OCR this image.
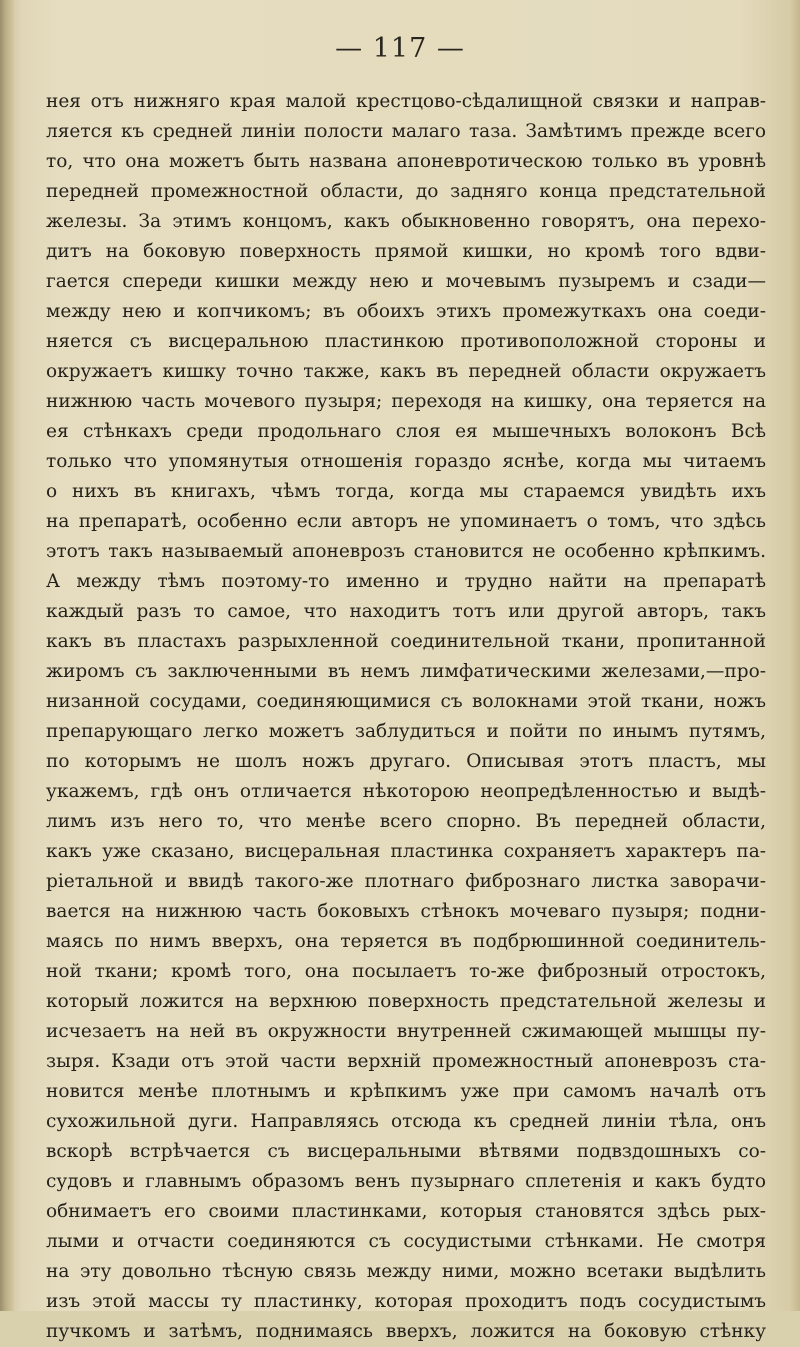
— 117 —
нея отъ нижняго края малой крестцово-сѣдалищной связки и направ-
ляется къ средней линіи полости малаго таза. Замѣтимъ прежде всего
то, что она можетъ быть названа апоневротическою только въ уровнѣ
передней промежностной области, до задняго конца предстательной
железы. За этимъ концомъ, какъ обыкновенно говорятъ, она перехо-
дитъ на боковую поверхность прямой кишки, но кромѣ того вдви-
гается спереди кишки между нею и мочевымъ пузыремъ и сзади—
между нею и копчикомъ; въ обоихъ этихъ промежуткахъ она соеди-
няется съ висцеральною пластинкою противоположной стороны и
окружаетъ кишку точно также, какъ въ передней области окружаетъ
нижнюю часть мочевого пузыря; переходя на кишку, она теряется на
ея стѣнкахъ среди продольнаго слоя ея мышечныхъ волоконъ Всѣ
только что упомянутыя отношенія гораздо яснѣе, когда мы читаемъ
о нихъ въ книгахъ, чѣмъ тогда, когда мы стараемся увидѣть ихъ
на препаратѣ, особенно если авторъ не упоминаетъ о томъ, что здѣсь
этотъ такъ называемый апоневрозъ становится не особенно крѣпкимъ.
А между тѣмъ поэтому-то именно и трудно найти на препаратѣ
каждый разъ то самое, что находитъ тотъ или другой авторъ, такъ
какъ въ пластахъ разрыхленной соединительной ткани, пропитанной
жиромъ съ заключенными въ немъ лимфатическими железами,—про-
низанной сосудами, соединяющимися съ волокнами этой ткани, ножъ
препарующаго легко можетъ заблудиться и пойти по инымъ путямъ,
по которымъ не шолъ ножъ другаго. Описывая этотъ пластъ, мы
укажемъ, гдѣ онъ отличается нѣкоторою неопредѣленностью и выдѣ-
лимъ изъ него то, что менѣе всего спорно. Въ передней области,
какъ уже сказано, висцеральная пластинка сохраняетъ характеръ па-
ріетальной и ввидѣ такого-же плотнаго фибрознаго листка заворачи-
вается на нижнюю часть боковыхъ стѣнокъ мочеваго пузыря; подни-
маясь по нимъ вверхъ, она теряется въ подбрюшинной соединитель-
ной ткани; кромѣ того, она посылаетъ то-же фиброзный отростокъ,
который ложится на верхнюю поверхность предстательной железы и
исчезаетъ на ней въ окружности внутренней сжимающей мышцы пу-
зыря. Кзади отъ этой части верхній промежностный апоневрозъ ста-
новится менѣе плотнымъ и крѣпкимъ уже при самомъ началѣ отъ
сухожильной дуги. Направляясь отсюда къ средней линіи тѣла, онъ
вскорѣ встрѣчается съ висцеральными вѣтвями подвздошныхъ со-
судовъ и главнымъ образомъ венъ пузырнаго сплетенія и какъ будто
обнимаетъ его своими пластинками, которыя становятся здѣсь рых-
лыми и отчасти соединяются съ сосудистыми стѣнками. Не смотря
на эту довольно тѣсную связь между ними, можно всетаки выдѣлить
изъ этой массы ту пластинку, которая проходитъ подъ сосудистымъ
пучкомъ и затѣмъ, поднимаясь вверхъ, ложится на боковую стѣнку
